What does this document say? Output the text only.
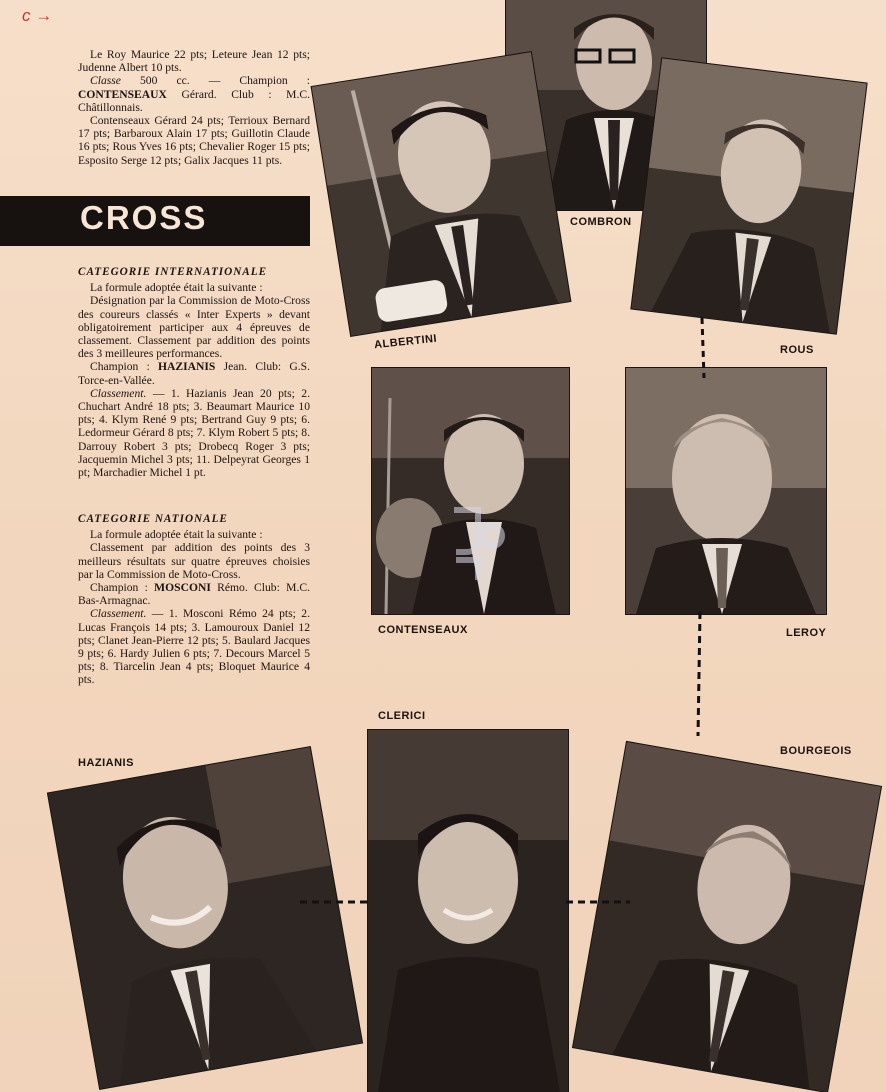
c →

Le Roy Maurice 22 pts; Leteure Jean 12 pts; Judenne Albert 10 pts.

Classe 500 cc. — Champion : CONTENSEAUX Gérard. Club : M.C. Châtillonnais.

Contenseaux Gérard 24 pts; Terrioux Bernard 17 pts; Barbaroux Alain 17 pts; Guillotin Claude 16 pts; Rous Yves 16 pts; Chevalier Roger 15 pts; Esposito Serge 12 pts; Galix Jacques 11 pts.

CROSS

CATEGORIE INTERNATIONALE

La formule adoptée était la suivante :

Désignation par la Commission de Moto-Cross des coureurs classés « Inter Experts » devant obligatoirement participer aux 4 épreuves de classement. Classement par addition des points des 3 meilleures performances.

Champion : HAZIANIS Jean. Club: G.S. Torce-en-Vallée.

Classement. — 1. Hazianis Jean 20 pts; 2. Chuchart André 18 pts; 3. Beaumart Maurice 10 pts; 4. Klym René 9 pts; Bertrand Guy 9 pts; 6. Ledormeur Gérard 8 pts; 7. Klym Robert 5 pts; 8. Darrouy Robert 3 pts; Drobecq Roger 3 pts; Jacquemin Michel 3 pts; 11. Delpeyrat Georges 1 pt; Marchadier Michel 1 pt.

CATEGORIE NATIONALE

La formule adoptée était la suivante :

Classement par addition des points des 3 meilleurs résultats sur quatre épreuves choisies par la Commission de Moto-Cross.

Champion : MOSCONI Rémo. Club: M.C. Bas-Armagnac.

Classement. — 1. Mosconi Rémo 24 pts; 2. Lucas François 14 pts; 3. Lamouroux Daniel 12 pts; Clanet Jean-Pierre 12 pts; 5. Baulard Jacques 9 pts; 6. Hardy Julien 6 pts; 7. Decours Marcel 5 pts; 8. Tiarcelin Jean 4 pts; Bloquet Maurice 4 pts.

COMBRON
ALBERTINI	ROUS
CONTENSEAUX	LEROY
CLERICI
HAZIANIS
BOURGEOIS
